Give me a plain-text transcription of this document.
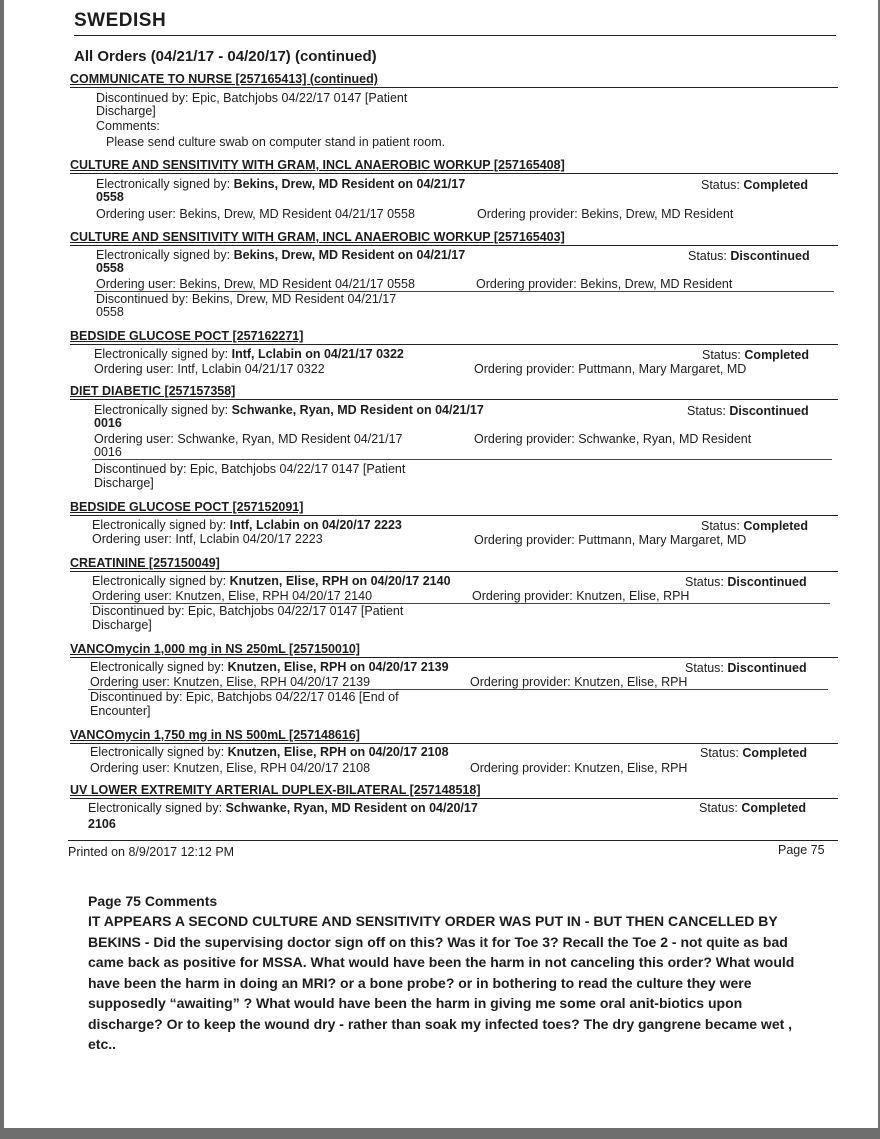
SWEDISH
All Orders (04/21/17 - 04/20/17) (continued)
COMMUNICATE TO NURSE [257165413] (continued)
Discontinued by: Epic, Batchjobs 04/22/17 0147 [Patient
Discharge]
Comments:
Please send culture swab on computer stand in patient room.
CULTURE AND SENSITIVITY WITH GRAM, INCL ANAEROBIC WORKUP [257165408]
Electronically signed by: Bekins, Drew, MD Resident on 04/21/17
0558
Status: Completed
Ordering user: Bekins, Drew, MD Resident 04/21/17 0558	Ordering provider: Bekins, Drew, MD Resident
CULTURE AND SENSITIVITY WITH GRAM, INCL ANAEROBIC WORKUP [257165403]
Electronically signed by: Bekins, Drew, MD Resident on 04/21/17
0558
Status: Discontinued
Ordering user: Bekins, Drew, MD Resident 04/21/17 0558	Ordering provider: Bekins, Drew, MD Resident
Discontinued by: Bekins, Drew, MD Resident 04/21/17
0558
BEDSIDE GLUCOSE POCT [257162271]
Electronically signed by: Intf, Lclabin on 04/21/17 0322	Status: Completed
Ordering user: Intf, Lclabin 04/21/17 0322	Ordering provider: Puttmann, Mary Margaret, MD
DIET DIABETIC [257157358]
Electronically signed by: Schwanke, Ryan, MD Resident on 04/21/17
0016
Status: Discontinued
Ordering user: Schwanke, Ryan, MD Resident 04/21/17
0016
Ordering provider: Schwanke, Ryan, MD Resident
Discontinued by: Epic, Batchjobs 04/22/17 0147 [Patient
Discharge]
BEDSIDE GLUCOSE POCT [257152091]
Electronically signed by: Intf, Lclabin on 04/20/17 2223	Status: Completed
Ordering user: Intf, Lclabin 04/20/17 2223	Ordering provider: Puttmann, Mary Margaret, MD
CREATININE [257150049]
Electronically signed by: Knutzen, Elise, RPH on 04/20/17 2140	Status: Discontinued
Ordering user: Knutzen, Elise, RPH 04/20/17 2140	Ordering provider: Knutzen, Elise, RPH
Discontinued by: Epic, Batchjobs 04/22/17 0147 [Patient
Discharge]
VANCOmycin 1,000 mg in NS 250mL [257150010]
Electronically signed by: Knutzen, Elise, RPH on 04/20/17 2139	Status: Discontinued
Ordering user: Knutzen, Elise, RPH 04/20/17 2139	Ordering provider: Knutzen, Elise, RPH
Discontinued by: Epic, Batchjobs 04/22/17 0146 [End of
Encounter]
VANCOmycin 1,750 mg in NS 500mL [257148616]
Electronically signed by: Knutzen, Elise, RPH on 04/20/17 2108	Status: Completed
Ordering user: Knutzen, Elise, RPH 04/20/17 2108	Ordering provider: Knutzen, Elise, RPH
UV LOWER EXTREMITY ARTERIAL DUPLEX-BILATERAL [257148518]
Electronically signed by: Schwanke, Ryan, MD Resident on 04/20/17
2106
Status: Completed
Printed on 8/9/2017 12:12 PM	Page 75
Page 75 Comments
IT APPEARS A SECOND CULTURE AND SENSITIVITY ORDER WAS PUT IN - BUT THEN CANCELLED BY BEKINS - Did the supervising doctor sign off on this? Was it for Toe 3? Recall the Toe 2 - not quite as bad came back as positive for MSSA. What would have been the harm in not canceling this order? What would have been the harm in doing an MRI? or a bone probe? or in bothering to read the culture they were supposedly “awaiting” ? What would have been the harm in giving me some oral anit-biotics upon discharge? Or to keep the wound dry - rather than soak my infected toes? The dry gangrene became wet , etc..
